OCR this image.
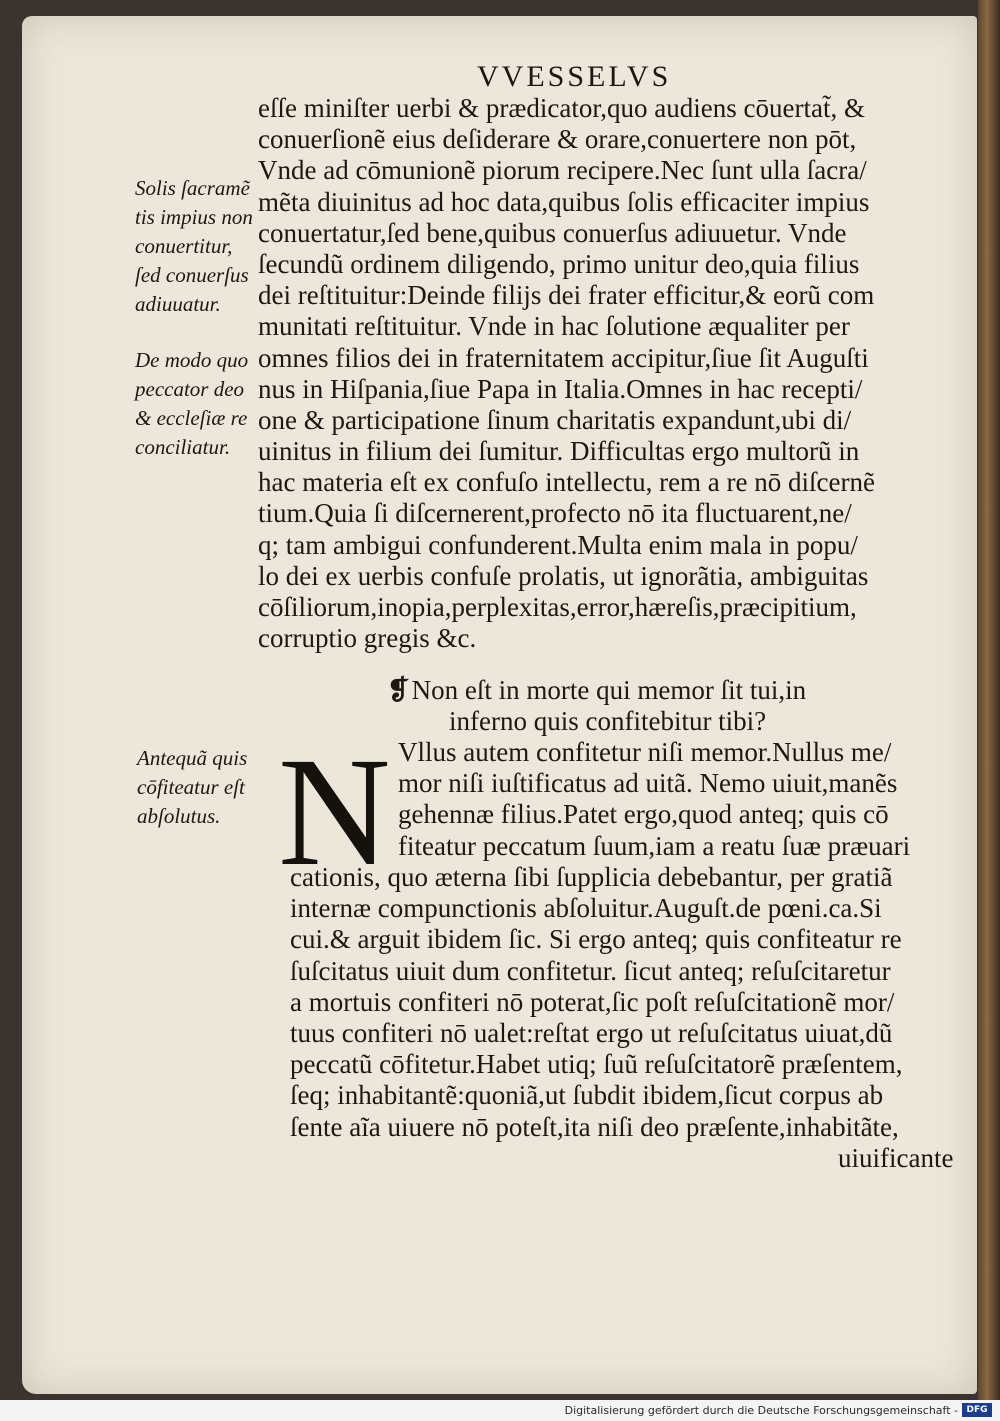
VVESSELVS
eſſe miniſter uerbi & prædicator,quo audiens cōuertat̃, &
conuerſionẽ eius deſiderare & orare,conuertere non pōt,
Vnde ad cōmunionẽ piorum recipere.Nec ſunt ulla ſacra/
mẽta diuinitus ad hoc data,quibus ſolis efficaciter impius
conuertatur,ſed bene,quibus conuerſus adiuuetur. Vnde
ſecundũ ordinem diligendo, primo unitur deo,quia filius
dei reſtituitur:Deinde filijs dei frater efficitur,& eorũ com
munitati reſtituitur. Vnde in hac ſolutione æqualiter per
omnes filios dei in fraternitatem accipitur,ſiue ſit Auguſti
nus in Hiſpania,ſiue Papa in Italia.Omnes in hac recepti/
one & participatione ſinum charitatis expandunt,ubi di/
uinitus in filium dei ſumitur. Difficultas ergo multorũ in
hac materia eſt ex confuſo intellectu, rem a re nō diſcernẽ
tium.Quia ſi diſcernerent,profecto nō ita fluctuarent,ne/
q; tam ambigui confunderent.Multa enim mala in popu/
lo dei ex uerbis confuſe prolatis, ut ignorãtia, ambiguitas
cōſiliorum,inopia,perplexitas,error,hæreſis,præcipitium,
corruptio gregis &c.
❡Non eſt in morte qui memor ſit tui,in
inferno quis confitebitur tibi?
N Vllus autem confitetur niſi memor.Nullus me/
mor niſi iuſtificatus ad uitã. Nemo uiuit,manẽs
gehennæ filius.Patet ergo,quod anteq; quis cō
fiteatur peccatum ſuum,iam a reatu ſuæ præuari
cationis, quo æterna ſibi ſupplicia debebantur, per gratiã
internæ compunctionis abſoluitur.Auguſt.de pœni.ca.Si
cui.& arguit ibidem ſic. Si ergo anteq; quis confiteatur re
ſuſcitatus uiuit dum confitetur. ſicut anteq; reſuſcitaretur
a mortuis confiteri nō poterat,ſic poſt reſuſcitationẽ mor/
tuus confiteri nō ualet:reſtat ergo ut reſuſcitatus uiuat,dũ
peccatũ cōfitetur.Habet utiq; ſuũ reſuſcitatorẽ præſentem,
ſeq; inhabitantẽ:quoniã,ut ſubdit ibidem,ſicut corpus ab
ſente aĩa uiuere nō poteſt,ita niſi deo præſente,inhabitãte,
uiuificante
Solis ſacramẽ
tis impius non
conuertitur,
ſed conuerſus
adiuuatur.
De modo quo
peccator deo
& eccleſiæ re
conciliatur.
Antequã quis
cōfiteatur eſt
abſolutus.
Digitalisierung gefördert durch die Deutsche Forschungsgemeinschaft - DFG
